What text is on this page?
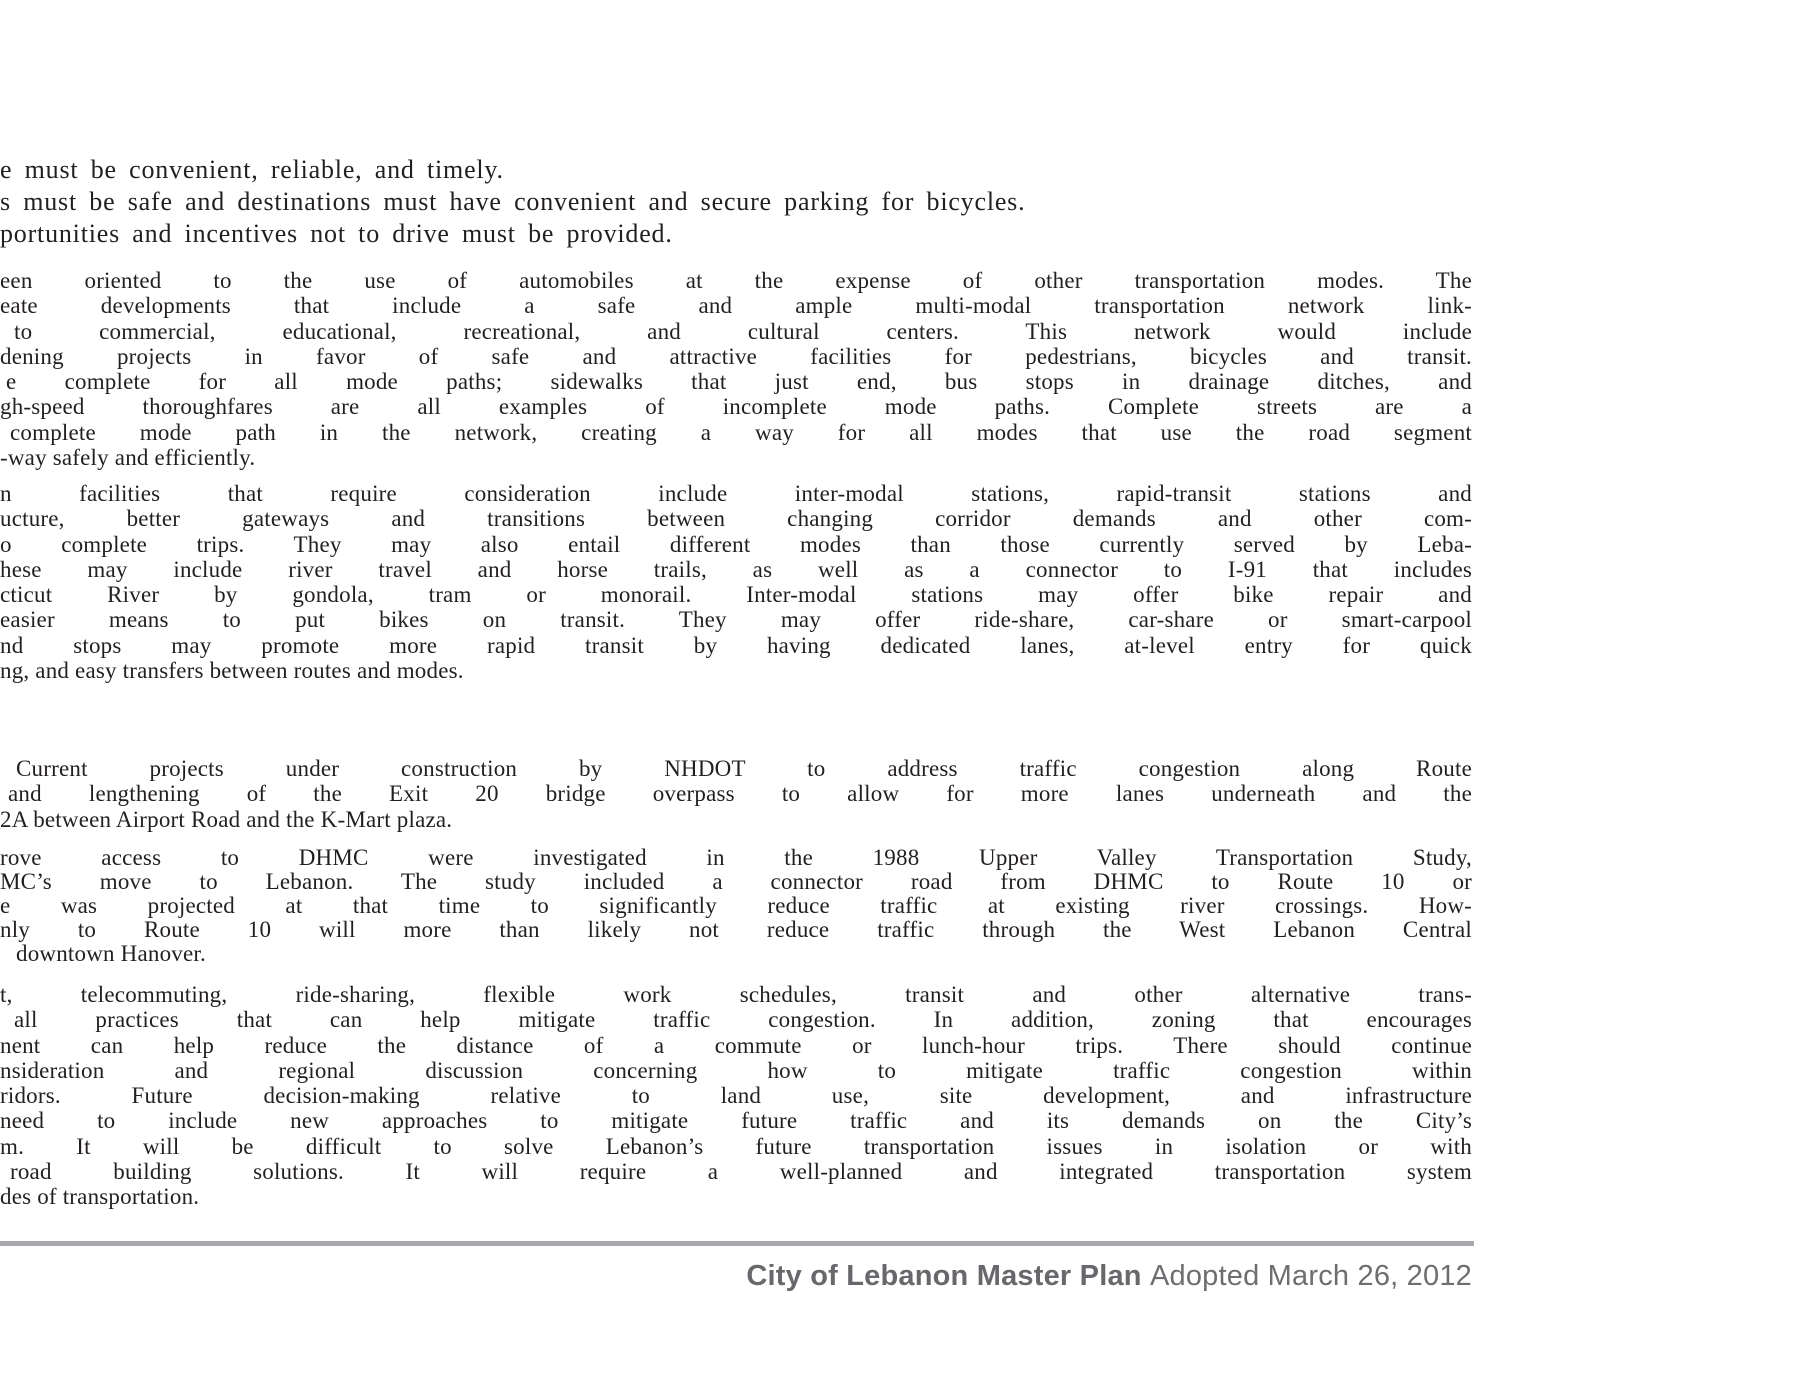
e must be convenient, reliable, and timely.
s must be safe and destinations must have convenient and secure parking for bicycles.
portunities and incentives not to drive must be provided.
een oriented to the use of automobiles at the expense of other transportation modes. The
eate developments that include a safe and ample multi-modal transportation network link-
to commercial, educational, recreational, and cultural centers. This network would include
dening projects in favor of safe and attractive facilities for pedestrians, bicycles and transit.
e complete for all mode paths; sidewalks that just end, bus stops in drainage ditches, and
gh-speed thoroughfares are all examples of incomplete mode paths. Complete streets are a
complete mode path in the network, creating a way for all modes that use the road segment
-way safely and efficiently.
n facilities that require consideration include inter-modal stations, rapid-transit stations and
ucture, better gateways and transitions between changing corridor demands and other com-
o complete trips. They may also entail different modes than those currently served by Leba-
hese may include river travel and horse trails, as well as a connector to I-91 that includes
cticut River by gondola, tram or monorail. Inter-modal stations may offer bike repair and
easier means to put bikes on transit. They may offer ride-share, car-share or smart-carpool
nd stops may promote more rapid transit by having dedicated lanes, at-level entry for quick
ng, and easy transfers between routes and modes.
Current projects under construction by NHDOT to address traffic congestion along Route
and lengthening of the Exit 20 bridge overpass to allow for more lanes underneath and the
2A between Airport Road and the K-Mart plaza.
rove access to DHMC were investigated in the 1988 Upper Valley Transportation Study,
MC’s move to Lebanon. The study included a connector road from DHMC to Route 10 or
e was projected at that time to significantly reduce traffic at existing river crossings. How-
nly to Route 10 will more than likely not reduce traffic through the West Lebanon Central
downtown Hanover.
t, telecommuting, ride-sharing, flexible work schedules, transit and other alternative trans-
all practices that can help mitigate traffic congestion. In addition, zoning that encourages
nent can help reduce the distance of a commute or lunch-hour trips. There should continue
nsideration and regional discussion concerning how to mitigate traffic congestion within
ridors. Future decision-making relative to land use, site development, and infrastructure
need to include new approaches to mitigate future traffic and its demands on the City’s
m. It will be difficult to solve Lebanon’s future transportation issues in isolation or with
road building solutions. It will require a well-planned and integrated transportation system
des of transportation.
City of Lebanon Master Plan Adopted March 26, 2012
